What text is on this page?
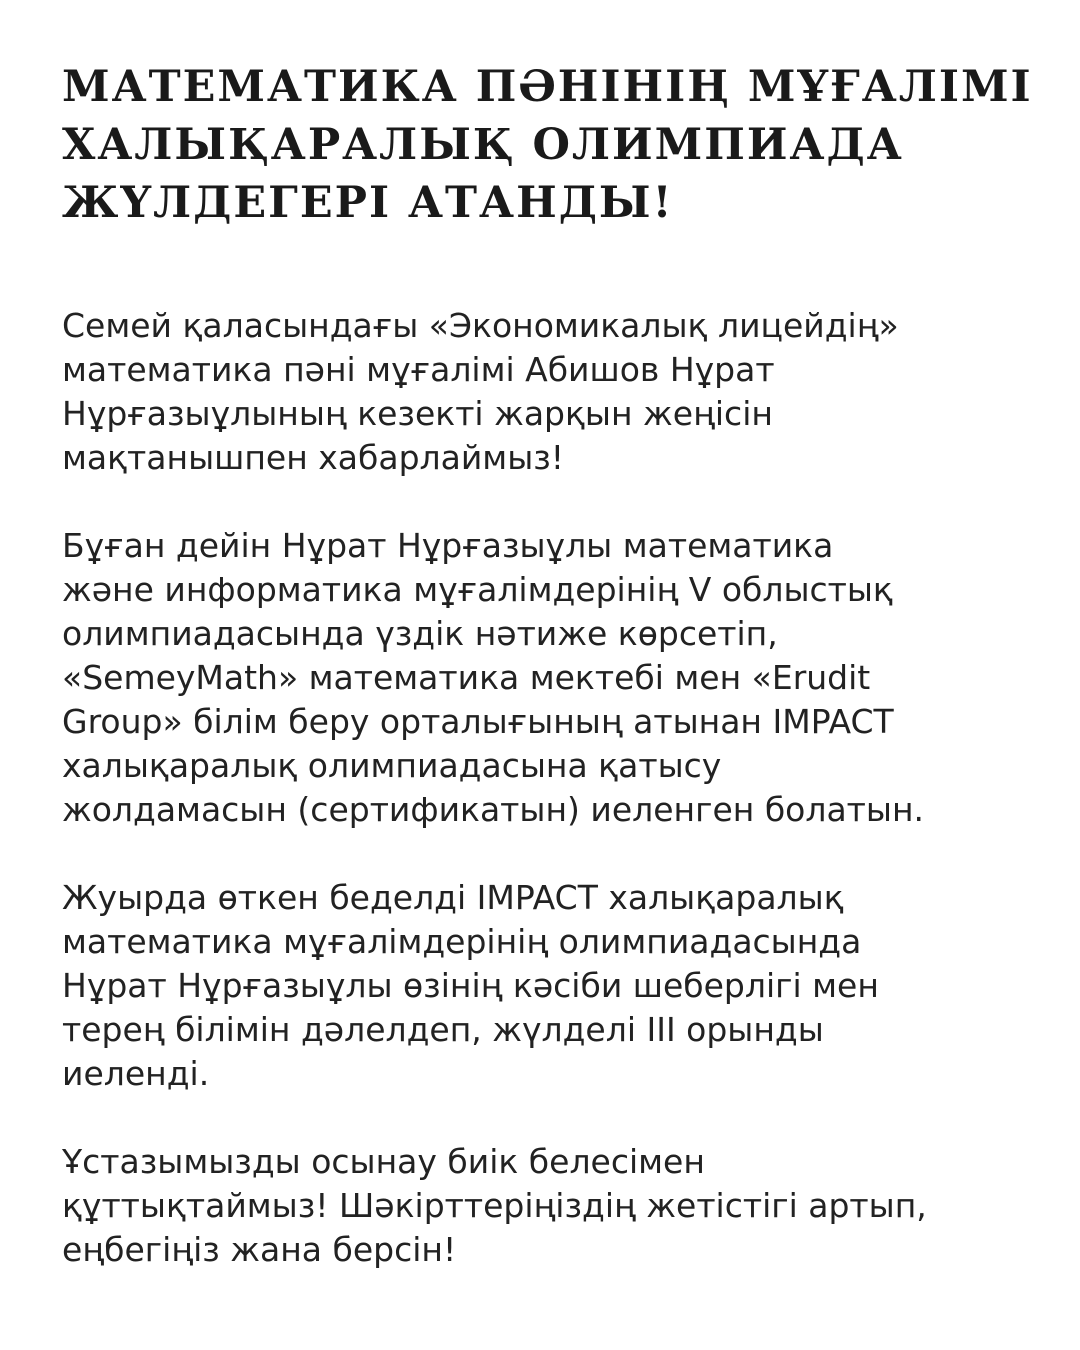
МАТЕМАТИКА ПӘНІНІҢ МҰҒАЛІМІ
ХАЛЫҚАРАЛЫҚ ОЛИМПИАДА
ЖҮЛДЕГЕРІ АТАНДЫ!

Семей қаласындағы «Экономикалық лицейдің»
математика пәні мұғалімі Абишов Нұрат
Нұрғазыұлының кезекті жарқын жеңісін
мақтанышпен хабарлаймыз!

Бұған дейін Нұрат Нұрғазыұлы математика
және информатика мұғалімдерінің V облыстық
олимпиадасында үздік нәтиже көрсетіп,
«SemeyMath» математика мектебі мен «Erudit
Group» білім беру орталығының атынан IMPACT
халықаралық олимпиадасына қатысу
жолдамасын (сертификатын) иеленген болатын.

Жуырда өткен беделді IMPACT халықаралық
математика мұғалімдерінің олимпиадасында
Нұрат Нұрғазыұлы өзінің кәсіби шеберлігі мен
терең білімін дәлелдеп, жүлделі III орынды
иеленді.

Ұстазымызды осынау биік белесімен
құттықтаймыз! Шәкірттеріңіздің жетістігі артып,
еңбегіңіз жана берсін!
